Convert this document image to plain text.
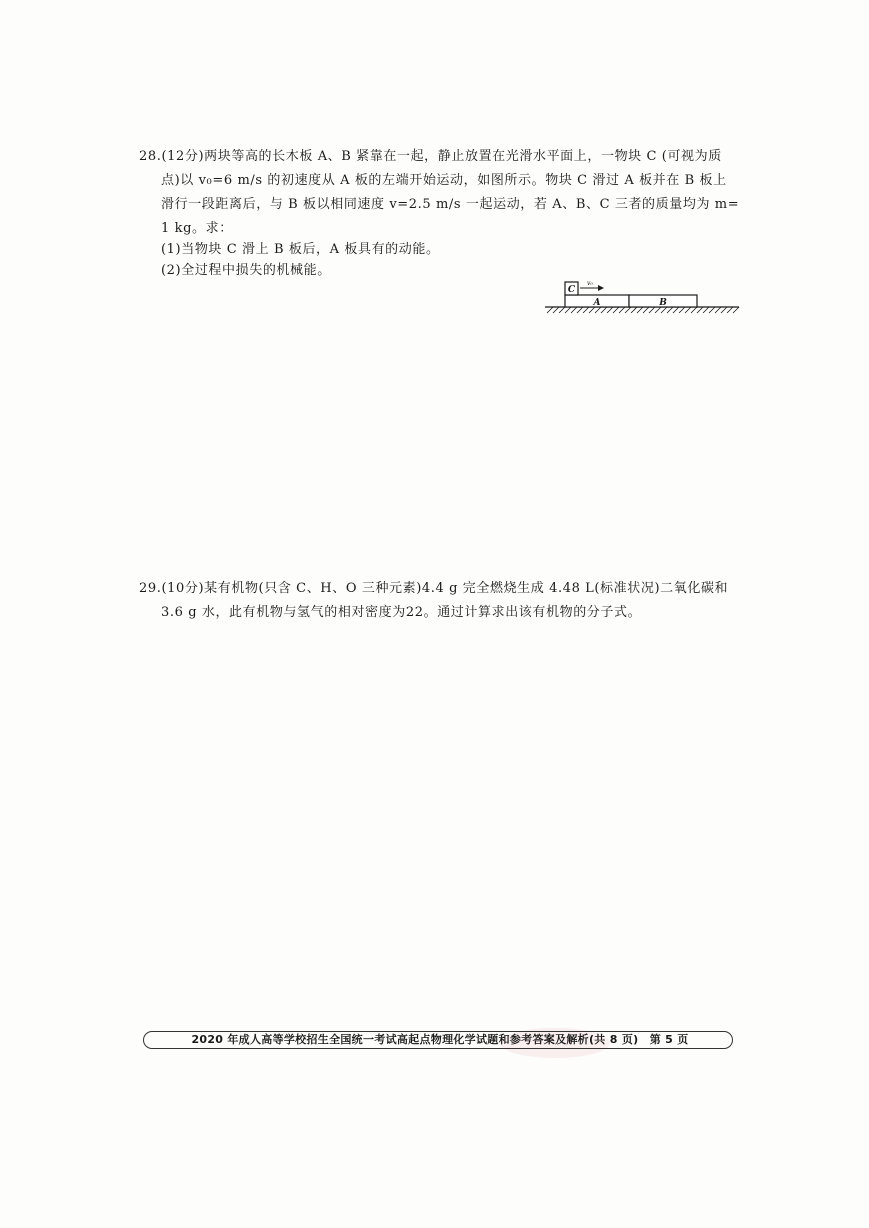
28.(12分)两块等高的长木板 A、B 紧靠在一起，静止放置在光滑水平面上，一物块 C (可视为质
点)以 v₀=6 m/s 的初速度从 A 板的左端开始运动，如图所示。物块 C 滑过 A 板并在 B 板上
滑行一段距离后，与 B 板以相同速度 v=2.5 m/s 一起运动，若 A、B、C 三者的质量均为 m=
1 kg。求：
(1)当物块 C 滑上 B 板后，A 板具有的动能。
(2)全过程中损失的机械能。
A	B
C
v₀
29.(10分)某有机物(只含 C、H、O 三种元素)4.4 g 完全燃烧生成 4.48 L(标准状况)二氧化碳和
3.6 g 水，此有机物与氢气的相对密度为22。通过计算求出该有机物的分子式。
2020 年成人高等学校招生全国统一考试高起点物理化学试题和参考答案及解析(共 8 页)　第 5 页
